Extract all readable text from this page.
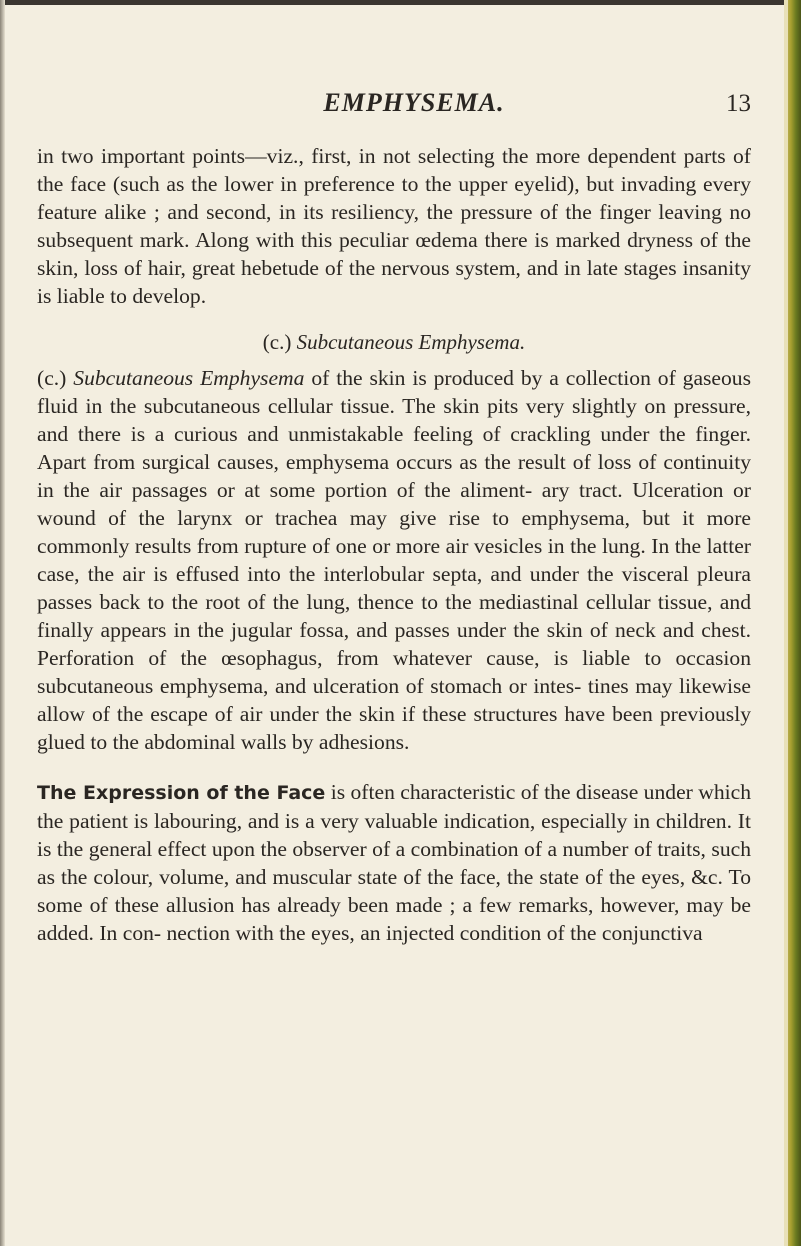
EMPHYSEMA.	13

in two important points—viz., first, in not selecting the more dependent parts of the face (such as the lower in preference to the upper eyelid), but invading every feature alike ; and second, in its resiliency, the pressure of the finger leaving no subsequent mark. Along with this peculiar œdema there is marked dryness of the skin, loss of hair, great hebetude of the nervous system, and in late stages insanity is liable to develop.

(c.) Subcutaneous Emphysema.

(c.) Subcutaneous Emphysema of the skin is produced by a collection of gaseous fluid in the subcutaneous cellular tissue. The skin pits very slightly on pressure, and there is a curious and unmistakable feeling of crackling under the finger. Apart from surgical causes, emphysema occurs as the result of loss of continuity in the air passages or at some portion of the aliment- ary tract. Ulceration or wound of the larynx or trachea may give rise to emphysema, but it more commonly results from rupture of one or more air vesicles in the lung. In the latter case, the air is effused into the interlobular septa, and under the visceral pleura passes back to the root of the lung, thence to the mediastinal cellular tissue, and finally appears in the jugular fossa, and passes under the skin of neck and chest. Perforation of the œsophagus, from whatever cause, is liable to occasion subcutaneous emphysema, and ulceration of stomach or intes- tines may likewise allow of the escape of air under the skin if these structures have been previously glued to the abdominal walls by adhesions.

The Expression of the Face is often characteristic of the disease under which the patient is labouring, and is a very valuable indication, especially in children. It is the general effect upon the observer of a combination of a number of traits, such as the colour, volume, and muscular state of the face, the state of the eyes, &c. To some of these allusion has already been made ; a few remarks, however, may be added. In con- nection with the eyes, an injected condition of the conjunctiva
